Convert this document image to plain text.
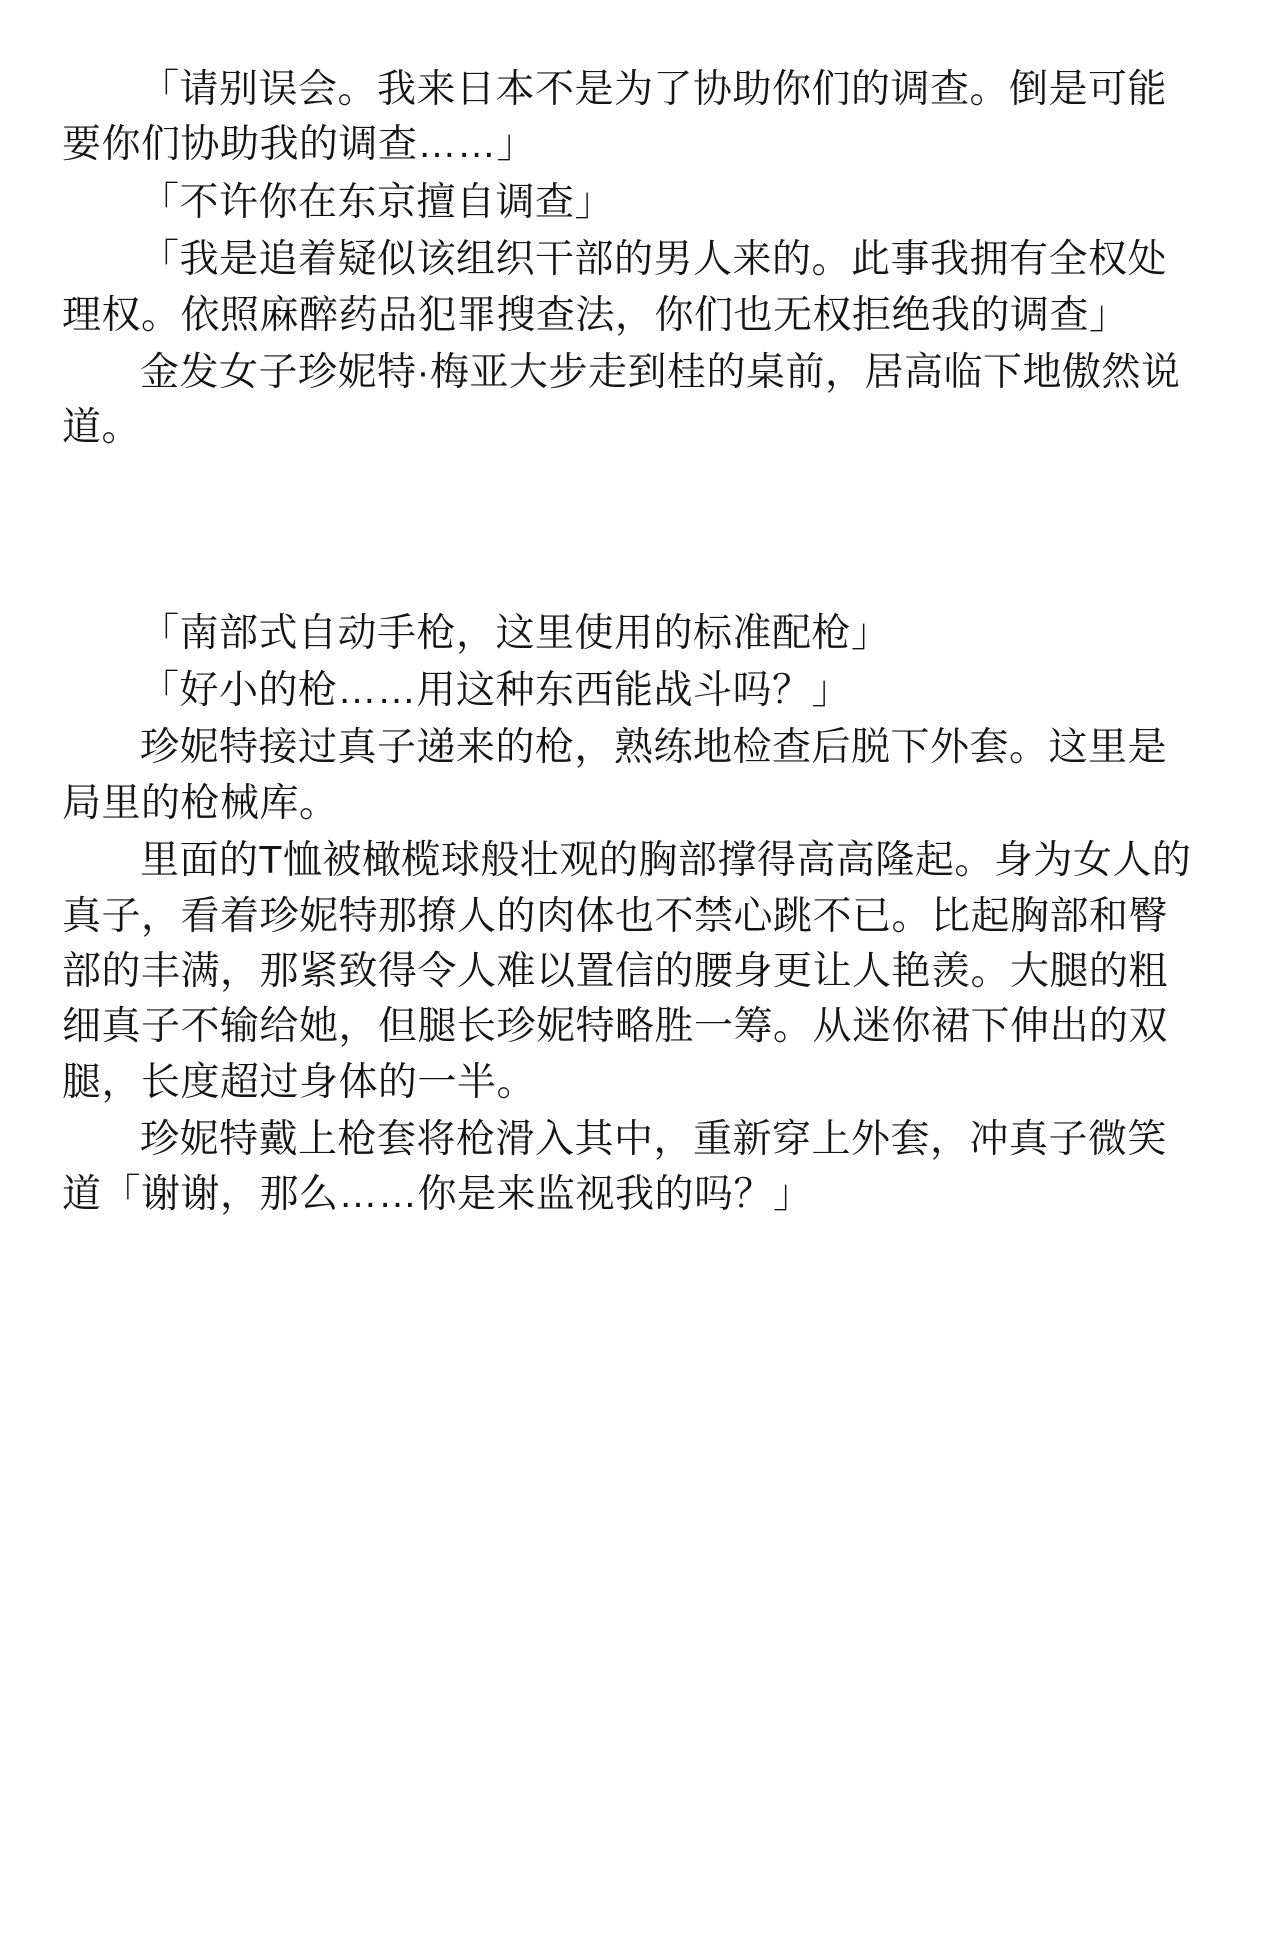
「请别误会。我来日本不是为了协助你们的调查。倒是可能要你们协助我的调查……」

「不许你在东京擅自调查」

「我是追着疑似该组织干部的男人来的。此事我拥有全权处理权。依照麻醉药品犯罪搜查法，你们也无权拒绝我的调查」

金发女子珍妮特·梅亚大步走到桂的桌前，居高临下地傲然说道。

「南部式自动手枪，这里使用的标准配枪」

「好小的枪……用这种东西能战斗吗？」

珍妮特接过真子递来的枪，熟练地检查后脱下外套。这里是局里的枪械库。

里面的T恤被橄榄球般壮观的胸部撑得高高隆起。身为女人的真子，看着珍妮特那撩人的肉体也不禁心跳不已。比起胸部和臀部的丰满，那紧致得令人难以置信的腰身更让人艳羡。大腿的粗细真子不输给她，但腿长珍妮特略胜一筹。从迷你裙下伸出的双腿，长度超过身体的一半。

珍妮特戴上枪套将枪滑入其中，重新穿上外套，冲真子微笑道「谢谢，那么……你是来监视我的吗？」
